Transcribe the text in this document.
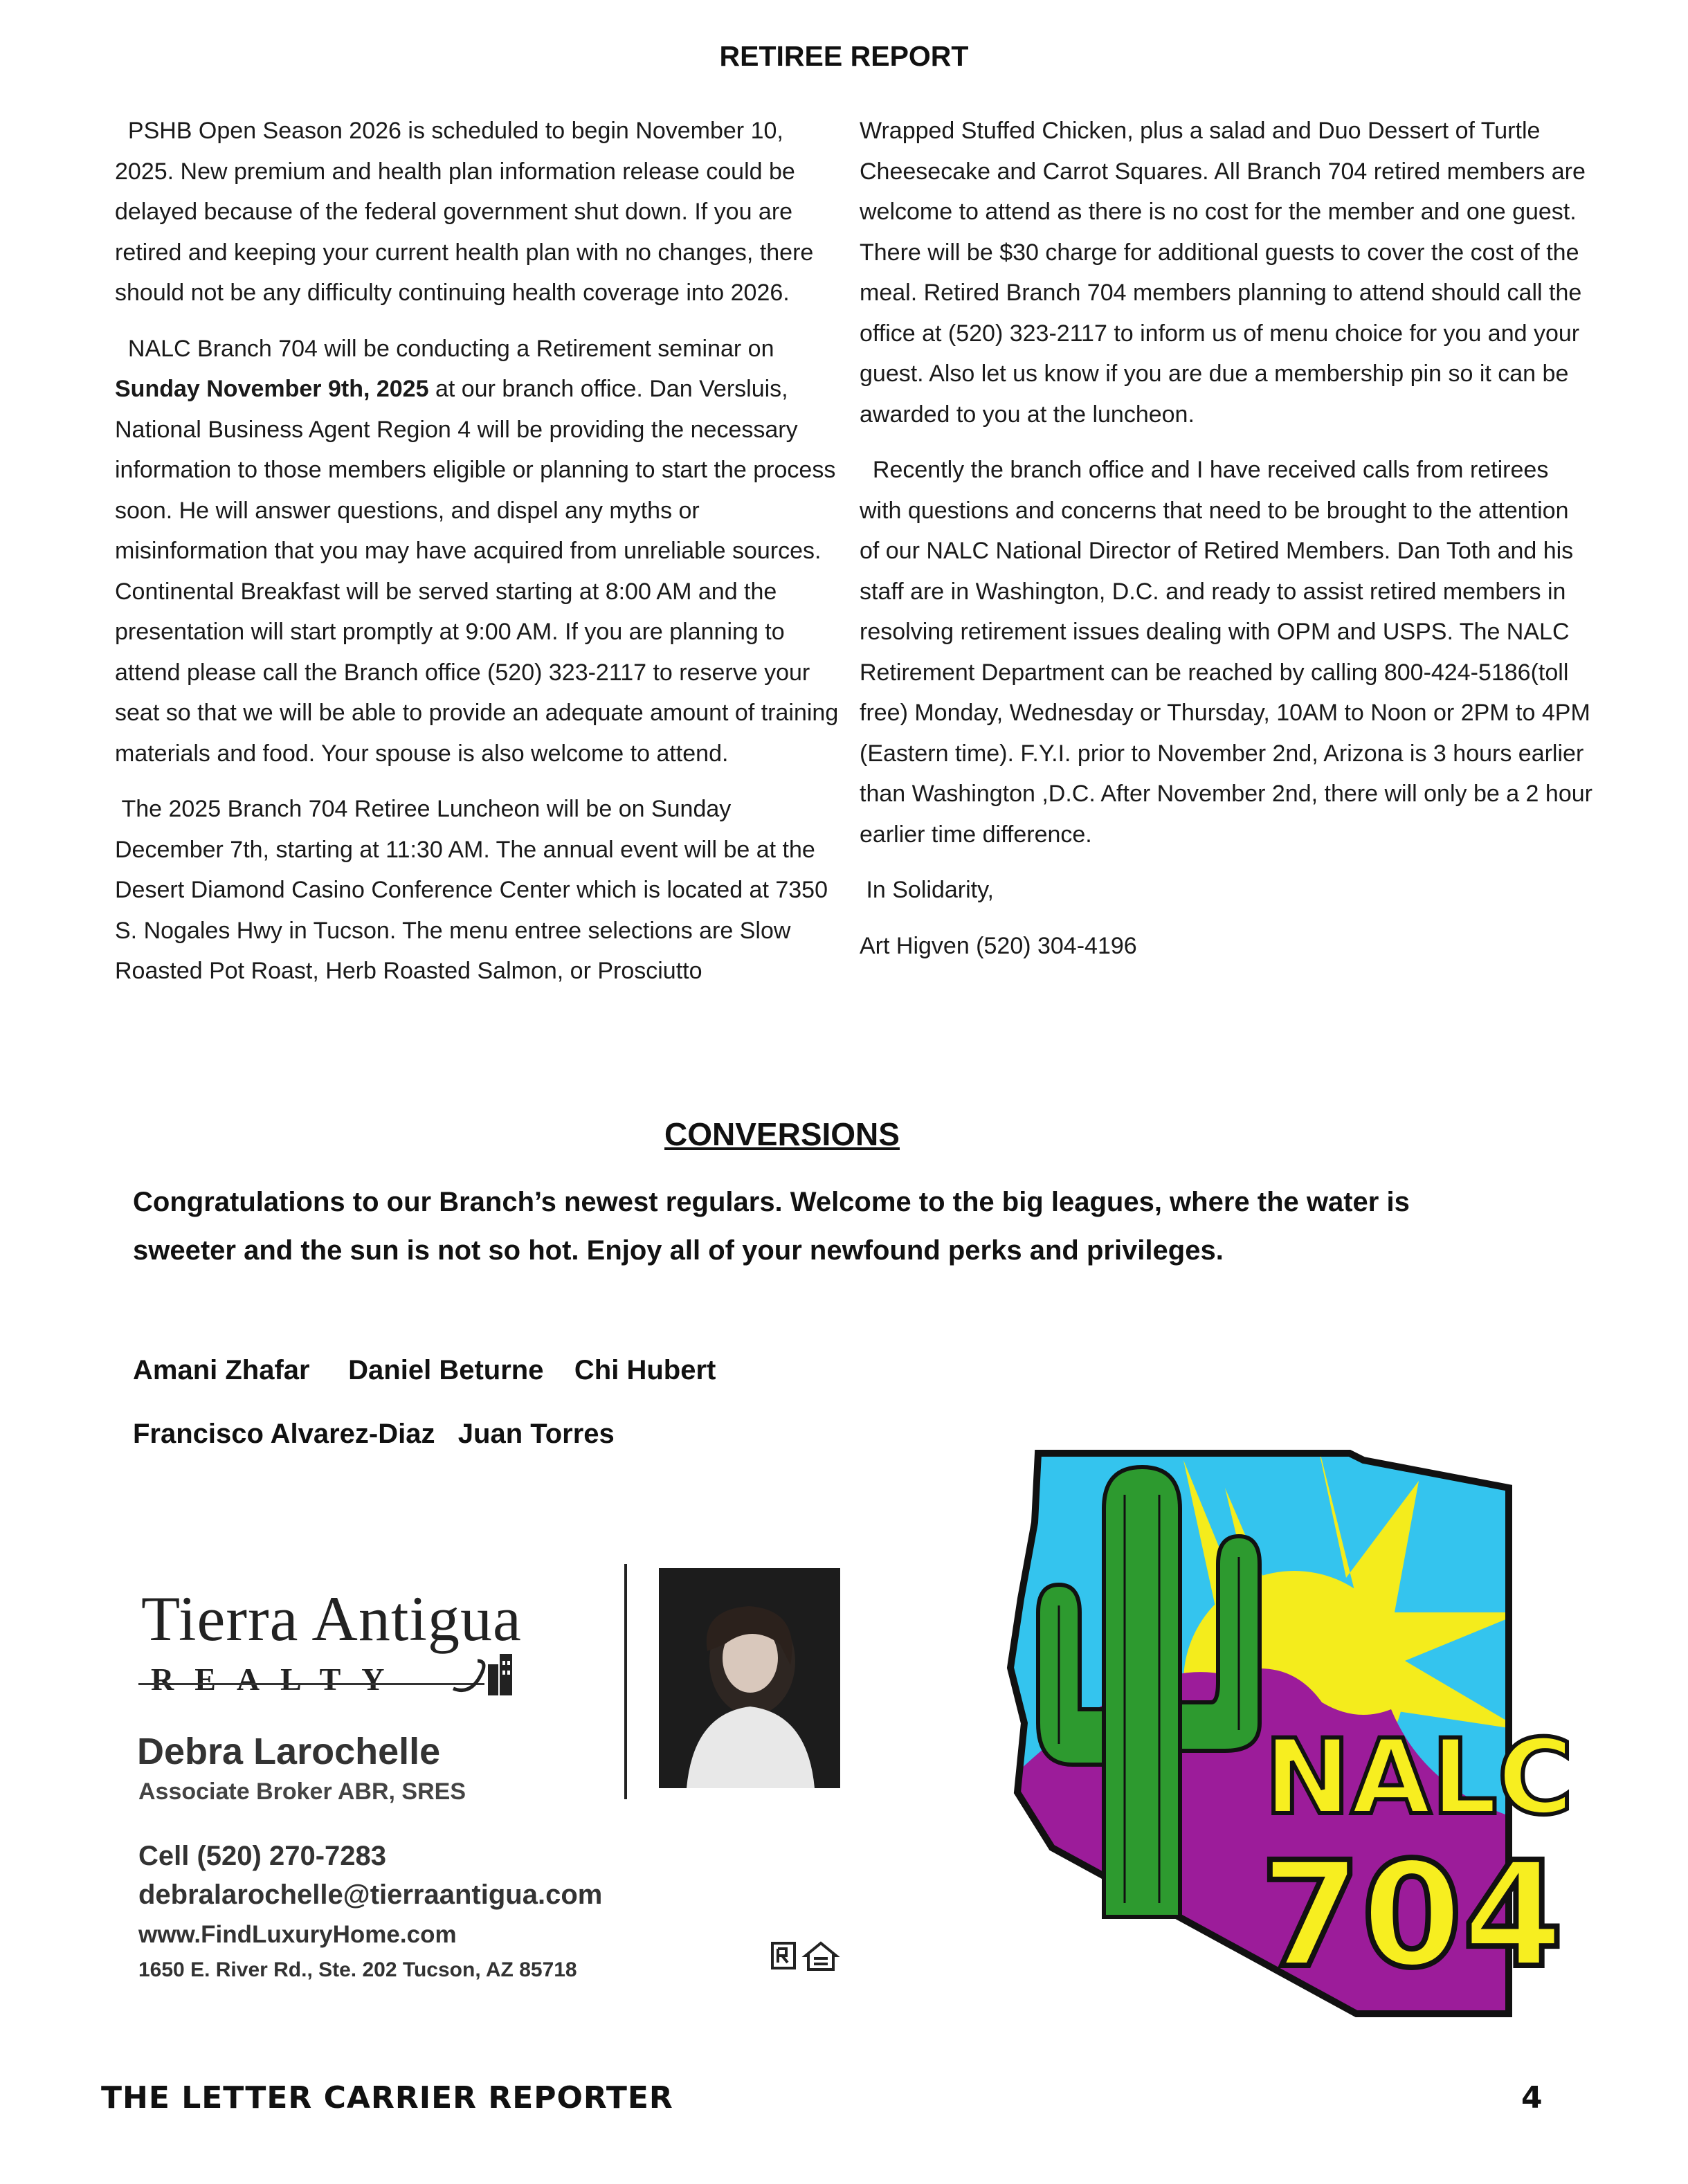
RETIREE REPORT

PSHB Open Season 2026 is scheduled to begin November 10, 2025. New premium and health plan information release could be delayed because of the federal government shut down. If you are retired and keeping your current health plan with no changes, there should not be any difficulty continuing health coverage into 2026.

NALC Branch 704 will be conducting a Retirement seminar on Sunday November 9th, 2025 at our branch office. Dan Versluis, National Business Agent Region 4 will be providing the necessary information to those members eligible or planning to start the process soon. He will answer questions, and dispel any myths or misinformation that you may have acquired from unreliable sources. Continental Breakfast will be served starting at 8:00 AM and the presentation will start promptly at 9:00 AM. If you are planning to attend please call the Branch office (520) 323-2117 to reserve your seat so that we will be able to provide an adequate amount of training materials and food. Your spouse is also welcome to attend.

The 2025 Branch 704 Retiree Luncheon will be on Sunday December 7th, starting at 11:30 AM. The annual event will be at the Desert Diamond Casino Conference Center which is located at 7350 S. Nogales Hwy in Tucson. The menu entree selections are Slow Roasted Pot Roast, Herb Roasted Salmon, or Prosciutto

Wrapped Stuffed Chicken, plus a salad and Duo Dessert of Turtle Cheesecake and Carrot Squares. All Branch 704 retired members are welcome to attend as there is no cost for the member and one guest. There will be $30 charge for additional guests to cover the cost of the meal. Retired Branch 704 members planning to attend should call the office at (520) 323-2117 to inform us of menu choice for you and your guest. Also let us know if you are due a membership pin so it can be awarded to you at the luncheon.

Recently the branch office and I have received calls from retirees with questions and concerns that need to be brought to the attention of our NALC National Director of Retired Members. Dan Toth and his staff are in Washington, D.C. and ready to assist retired members in resolving retirement issues dealing with OPM and USPS. The NALC Retirement Department can be reached by calling 800-424-5186(toll free) Monday, Wednesday or Thursday, 10AM to Noon or 2PM to 4PM (Eastern time). F.Y.I. prior to November 2nd, Arizona is 3 hours earlier than Washington ,D.C. After November 2nd, there will only be a 2 hour earlier time difference.

In Solidarity,

Art Higven (520) 304-4196

CONVERSIONS
Congratulations to our Branch’s newest regulars. Welcome to the big leagues, where the water is sweeter and the sun is not so hot. Enjoy all of your newfound perks and privileges.
Amani Zhafar     Daniel Beturne    Chi Hubert
Francisco Alvarez-Diaz   Juan Torres
Tierra Antigua
REALTY
Debra Larochelle
Associate Broker ABR, SRES
Cell (520) 270-7283
debralarochelle@tierraantigua.com
www.FindLuxuryHome.com
1650 E. River Rd., Ste. 202 Tucson, AZ 85718
NALC
704
THE LETTER CARRIER REPORTER	4
